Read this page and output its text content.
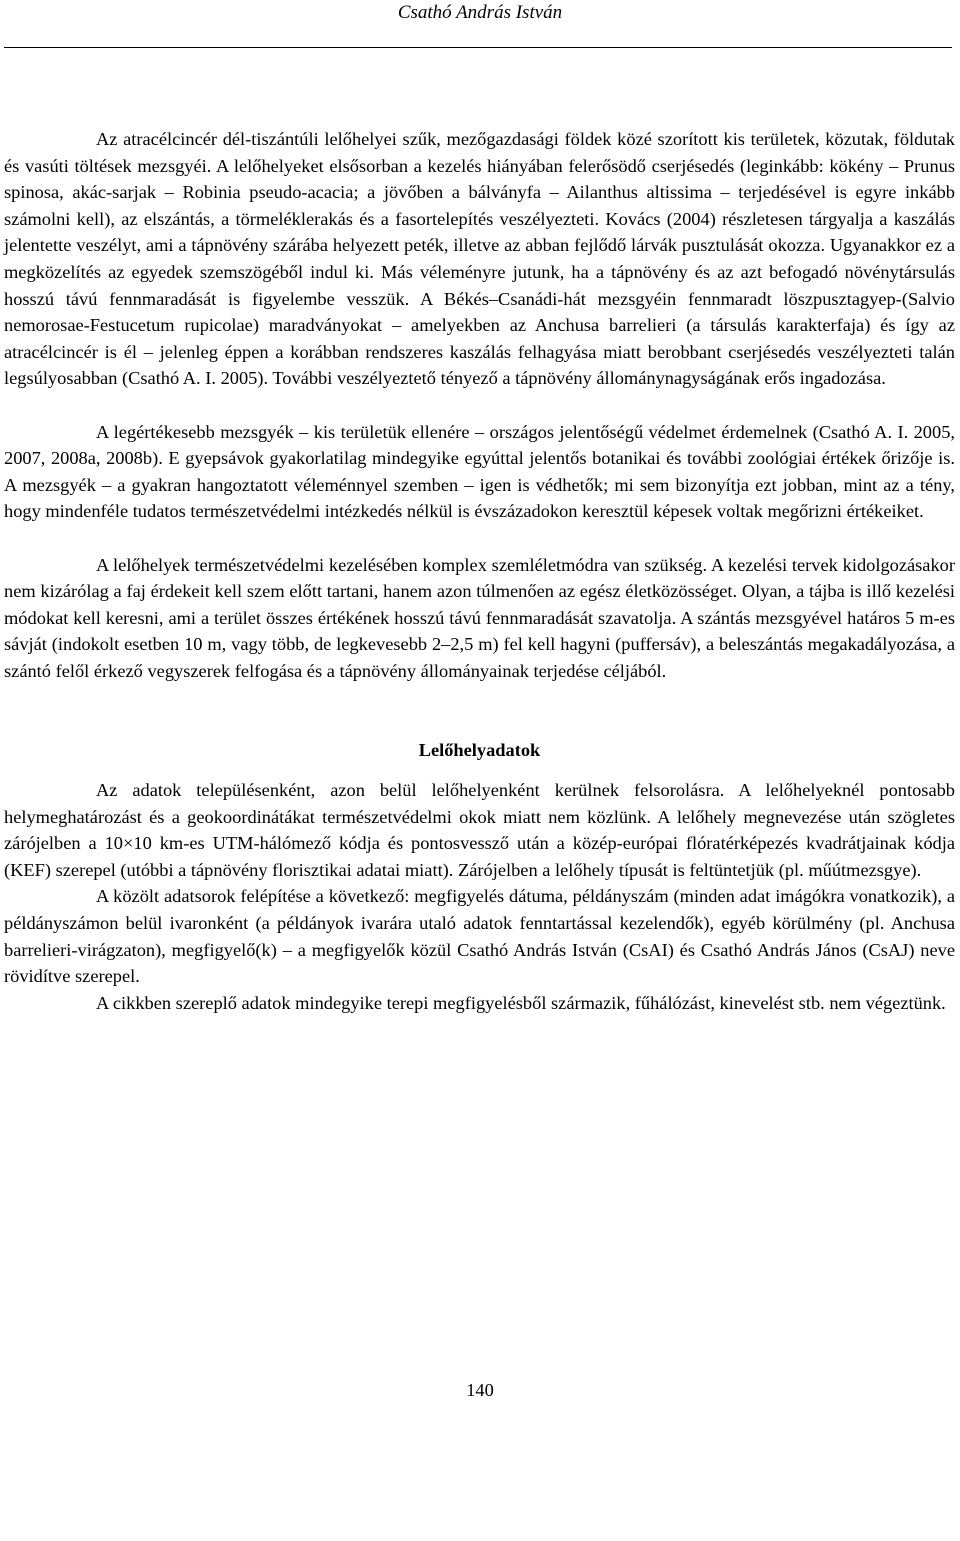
Csathó András István

Az atracélcincér dél-tiszántúli lelőhelyei szűk, mezőgazdasági földek közé szorított kis területek, közutak, földutak és vasúti töltések mezsgyéi. A lelőhelyeket elsősorban a kezelés hiányában felerősödő cserjésedés (leginkább: kökény – Prunus spinosa, akác-sarjak – Robinia pseudo-acacia; a jövőben a bálványfa – Ailanthus altissima – terjedésével is egyre inkább számolni kell), az elszántás, a törmeléklerakás és a fasortelepítés veszélyezteti. Kovács (2004) részletesen tárgyalja a kaszálás jelentette veszélyt, ami a tápnövény szárába helyezett peték, illetve az abban fejlődő lárvák pusztulását okozza. Ugyanakkor ez a megközelítés az egyedek szemszögéből indul ki. Más véleményre jutunk, ha a tápnövény és az azt befogadó növénytársulás hosszú távú fennmaradását is figyelembe vesszük. A Békés–Csanádi-hát mezsgyéin fennmaradt löszpusztagyep-(Salvio nemorosae-Festucetum rupicolae) maradványokat – amelyekben az Anchusa barrelieri (a társulás karakterfaja) és így az atracélcincér is él – jelenleg éppen a korábban rendszeres kaszálás felhagyása miatt berobbant cserjésedés veszélyezteti talán legsúlyosabban (Csathó A. I. 2005). További veszélyeztető tényező a tápnövény állománynagyságának erős ingadozása.

A legértékesebb mezsgyék – kis területük ellenére – országos jelentőségű védelmet érdemelnek (Csathó A. I. 2005, 2007, 2008a, 2008b). E gyepsávok gyakorlatilag mindegyike egyúttal jelentős botanikai és további zoológiai értékek őrizője is. A mezsgyék – a gyakran hangoztatott véleménnyel szemben – igen is védhetők; mi sem bizonyítja ezt jobban, mint az a tény, hogy mindenféle tudatos természetvédelmi intézkedés nélkül is évszázadokon keresztül képesek voltak megőrizni értékeiket.

A lelőhelyek természetvédelmi kezelésében komplex szemléletmódra van szükség. A kezelési tervek kidolgozásakor nem kizárólag a faj érdekeit kell szem előtt tartani, hanem azon túlmenően az egész életközösséget. Olyan, a tájba is illő kezelési módokat kell keresni, ami a terület összes értékének hosszú távú fennmaradását szavatolja. A szántás mezsgyével határos 5 m-es sávját (indokolt esetben 10 m, vagy több, de legkevesebb 2–2,5 m) fel kell hagyni (puffersáv), a beleszántás megakadályozása, a szántó felől érkező vegyszerek felfogása és a tápnövény állományainak terjedése céljából.

Lelőhelyadatok

Az adatok településenként, azon belül lelőhelyenként kerülnek felsorolásra. A lelőhelyeknél pontosabb helymeghatározást és a geokoordinátákat természetvédelmi okok miatt nem közlünk. A lelőhely megnevezése után szögletes zárójelben a 10×10 km-es UTM-hálómező kódja és pontosvessző után a közép-európai flóratérképezés kvadrátjainak kódja (KEF) szerepel (utóbbi a tápnövény florisztikai adatai miatt). Zárójelben a lelőhely típusát is feltüntetjük (pl. műútmezsgye).

A közölt adatsorok felépítése a következő: megfigyelés dátuma, példányszám (minden adat imágókra vonatkozik), a példányszámon belül ivaronként (a példányok ivarára utaló adatok fenntartással kezelendők), egyéb körülmény (pl. Anchusa barrelieri-virágzaton), megfigyelő(k) – a megfigyelők közül Csathó András István (CsAI) és Csathó András János (CsAJ) neve rövidítve szerepel.

A cikkben szereplő adatok mindegyike terepi megfigyelésből származik, fűhálózást, kinevelést stb. nem végeztünk.

140
